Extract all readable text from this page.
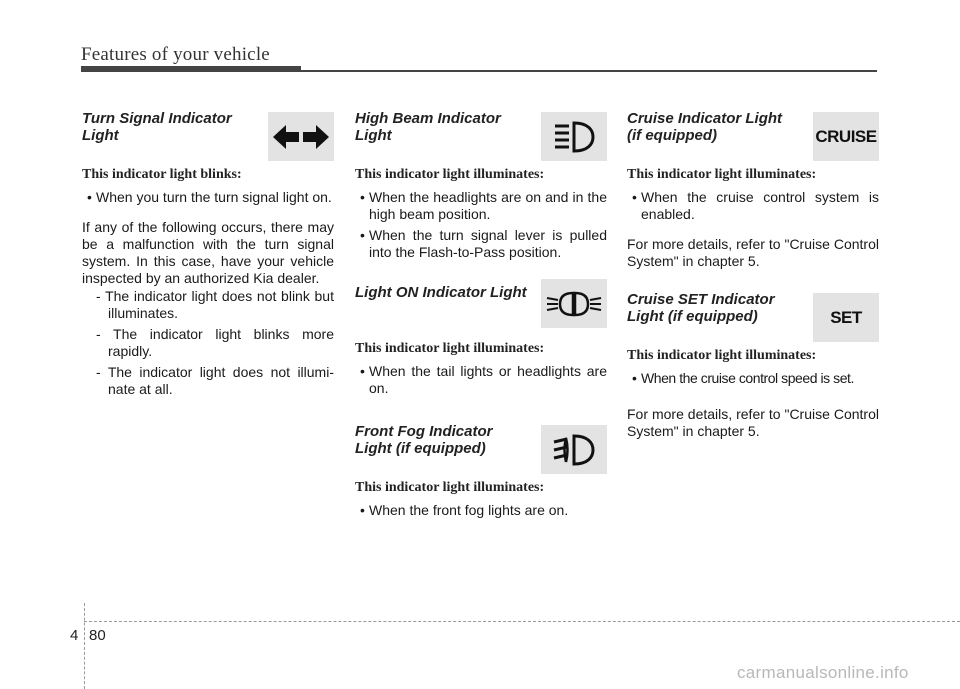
Features of your vehicle
Turn Signal Indicator
Light
This indicator light blinks:
• When you turn the turn signal light on.

If any of the following occurs, there may be a malfunction with the turn signal system. In this case, have your vehicle inspected by an authorized Kia dealer.

- The indicator light does not blink but illuminates.
- The indicator light blinks more rapidly.
- The indicator light does not illumi- nate at all.
High Beam Indicator
Light
This indicator light illuminates:
• When the headlights are on and in the high beam position.
• When the turn signal lever is pulled into the Flash-to-Pass position.
Light ON Indicator Light
This indicator light illuminates:
• When the tail lights or headlights are on.
Front Fog Indicator
Light (if equipped)
This indicator light illuminates:
• When the front fog lights are on.
Cruise Indicator Light
(if equipped)	CRUISE
This indicator light illuminates:
• When the cruise control system is enabled.

For more details, refer to "Cruise Control System" in chapter 5.

Cruise SET Indicator
Light (if equipped)	SET
This indicator light illuminates:
• When the cruise control speed is set.

For more details, refer to "Cruise Control System" in chapter 5.

4 80
carmanualsonline.info
